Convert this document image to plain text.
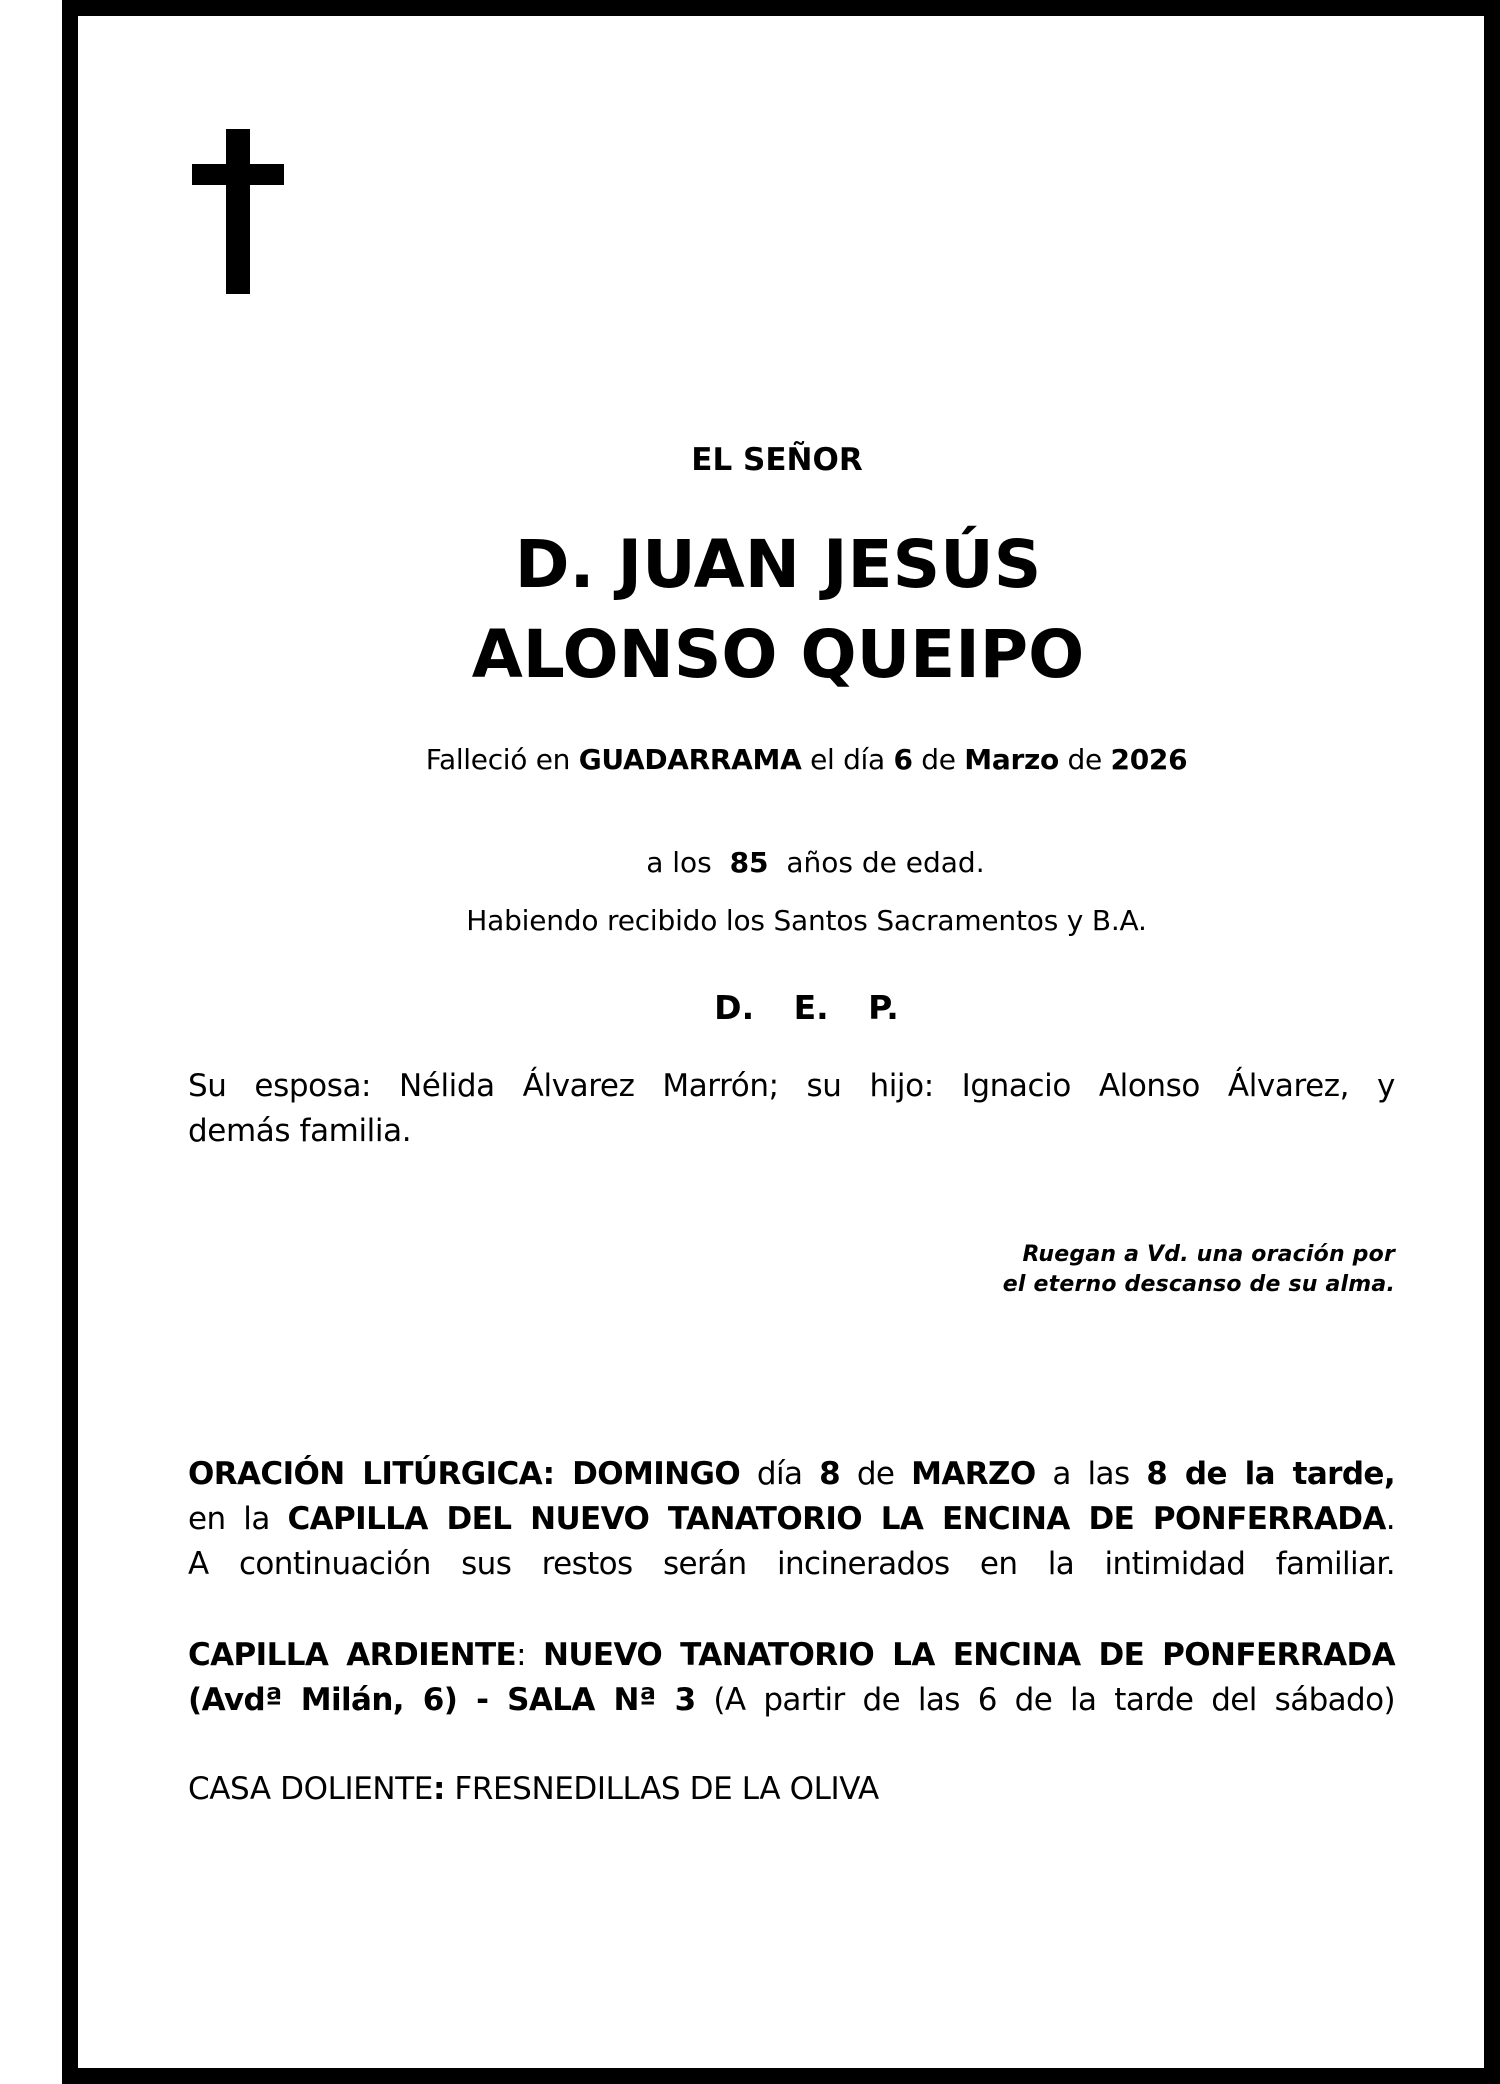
EL SEÑOR
D. JUAN JESÚS
ALONSO QUEIPO
Falleció en GUADARRAMA el día 6 de Marzo de 2026

a los  85  años de edad.

Habiendo recibido los Santos Sacramentos y B.A.
D. E. P.
Su esposa: Nélida Álvarez Marrón; su hijo: Ignacio Alonso Álvarez, y
demás familia.
Ruegan a Vd. una oración por
el eterno descanso de su alma.
ORACIÓN LITÚRGICA: DOMINGO día 8 de MARZO a las 8 de la tarde,
en la CAPILLA DEL NUEVO TANATORIO LA ENCINA DE PONFERRADA.
A continuación sus restos serán incinerados en la intimidad familiar.
CAPILLA ARDIENTE: NUEVO TANATORIO LA ENCINA DE PONFERRADA
(Avdª Milán, 6) - SALA Nª 3 (A partir de las 6 de la tarde del sábado)
CASA DOLIENTE: FRESNEDILLAS DE LA OLIVA
